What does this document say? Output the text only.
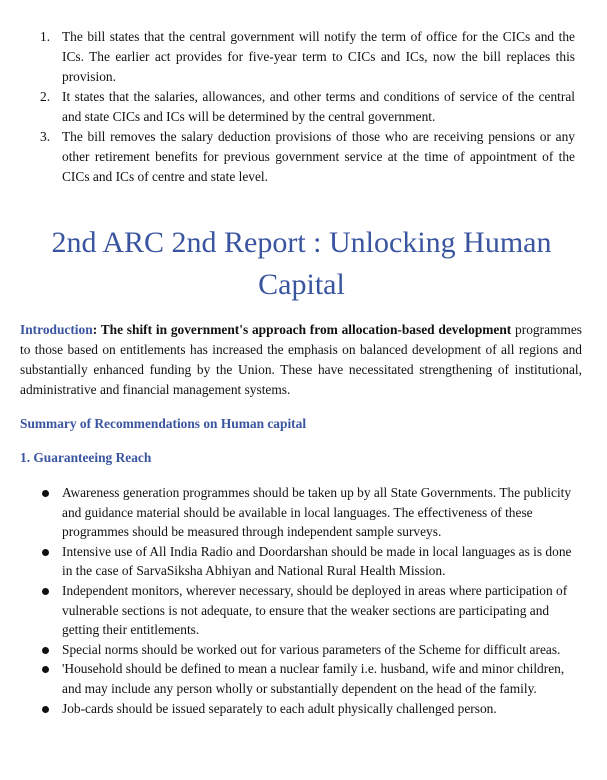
1. The bill states that the central government will notify the term of office for the CICs and the ICs. The earlier act provides for five-year term to CICs and ICs, now the bill replaces this provision.
2. It states that the salaries, allowances, and other terms and conditions of service of the central and state CICs and ICs will be determined by the central government.
3. The bill removes the salary deduction provisions of those who are receiving pensions or any other retirement benefits for previous government service at the time of appointment of the CICs and ICs of centre and state level.
2nd ARC 2nd Report : Unlocking Human Capital

Introduction: The shift in government's approach from allocation-based development programmes to those based on entitlements has increased the emphasis on balanced development of all regions and substantially enhanced funding by the Union. These have necessitated strengthening of institutional, administrative and financial management systems.

Summary of Recommendations on Human capital
1. Guaranteeing Reach
Awareness generation programmes should be taken up by all State Governments. The publicity and guidance material should be available in local languages. The effectiveness of these programmes should be measured through independent sample surveys.
Intensive use of All India Radio and Doordarshan should be made in local languages as is done in the case of SarvaSiksha Abhiyan and National Rural Health Mission.
Independent monitors, wherever necessary, should be deployed in areas where participation of vulnerable sections is not adequate, to ensure that the weaker sections are participating and getting their entitlements.
Special norms should be worked out for various parameters of the Scheme for difficult areas.
'Household should be defined to mean a nuclear family i.e. husband, wife and minor children, and may include any person wholly or substantially dependent on the head of the family.
Job-cards should be issued separately to each adult physically challenged person.
